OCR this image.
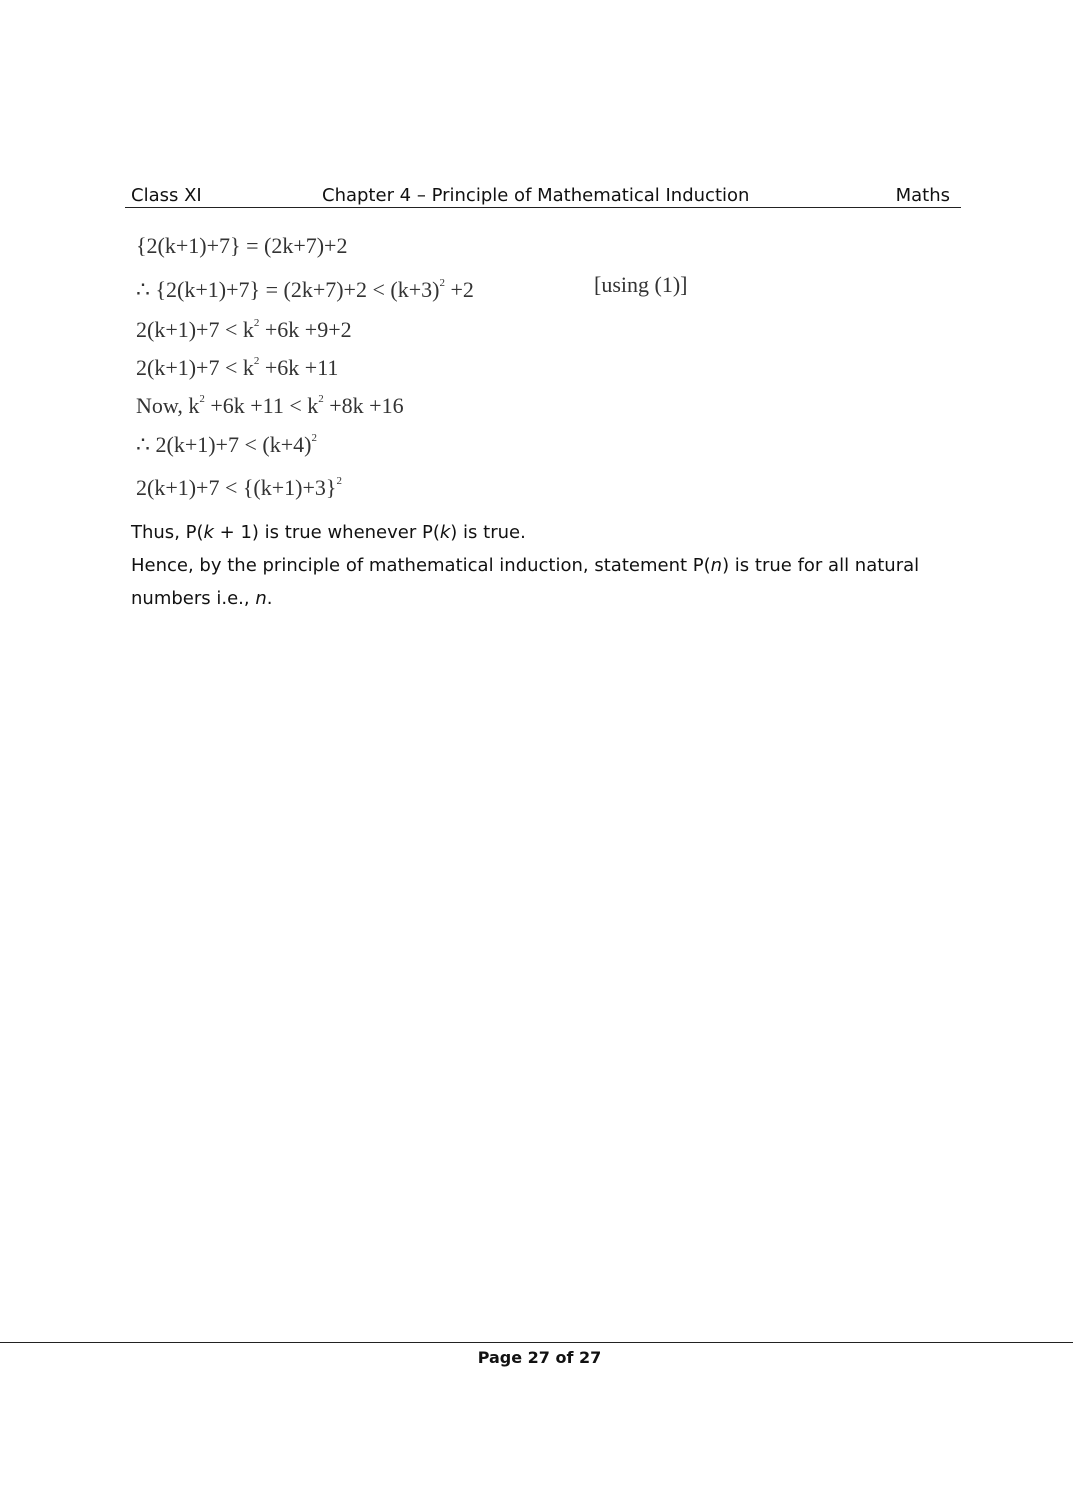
Class XI	Chapter 4 – Principle of Mathematical Induction	Maths
{2(k+1)+7} = (2k+7)+2
∴ $\{2(k+1)+7\} = (2k+7)+2 < (k+3)^2 +2$	[using (1)]
$2(k+1)+7 < k^2 +6k +9+2$
$2(k+1)+7 < k^2 +6k +11$
Now, $k^2 +6k +11 < k^2 +8k +16$
∴ $2(k+1)+7 < (k+4)^2$
$2(k+1)+7 < \{(k+1)+3\}^2$
Thus, P(k + 1) is true whenever P(k) is true.
Hence, by the principle of mathematical induction, statement P(n) is true for all natural
numbers i.e., n.
Page 27 of 27
